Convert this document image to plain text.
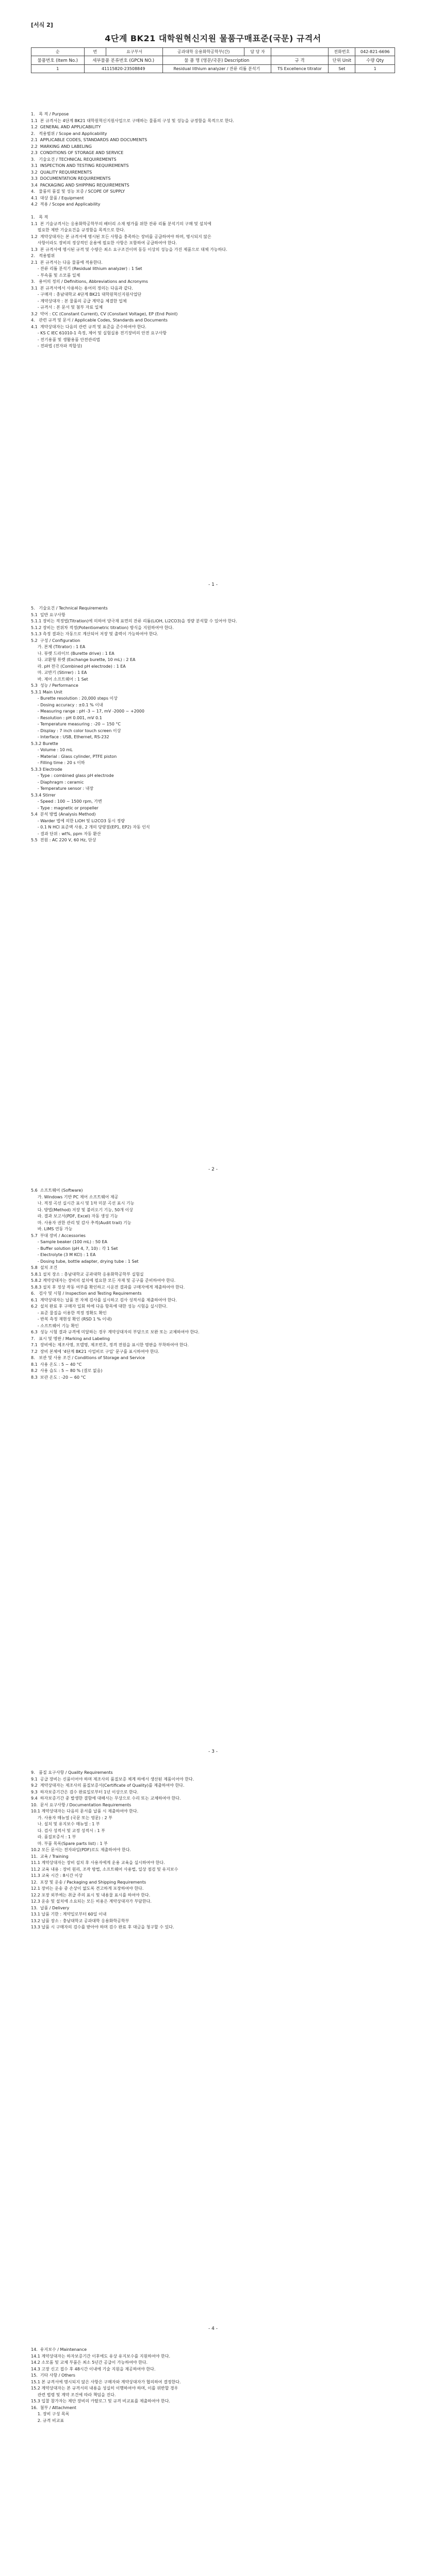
[서식 2]
4단계 BK21 대학원혁신지원 물품구매표준(국문) 규격서
순	번	요구부서	공과대학 응용화학공학부(간)	담 당 자		전화번호	042-821-6696
물품번호 (Item No.)	세부물품 분류번호 (GPCN NO.)		물 품 명 (영문/국문) Description		규 격	단위 Unit	수량 Qty
1	41115820-23508849		Residual lithium analyzer / 잔류 리튬 분석기		TS Excellence titrator	Set	1
1.   목 적 / Purpose
1.1  본 규격서는 4단계 BK21 대학원혁신지원사업으로 구매하는 물품의 구성 및 성능을 규정함을 목적으로 한다.
1.2  GENERAL AND APPLICABILITY
2.   적용범위 / Scope and Applicability
2.1  APPLICABLE CODES, STANDARDS AND DOCUMENTS
2.2  MARKING AND LABELING
2.3  CONDITIONS OF STORAGE AND SERVICE
3.   기술요건 / TECHNICAL REQUIREMENTS
3.1  INSPECTION AND TESTING REQUIREMENTS
3.2  QUALITY REQUIREMENTS
3.3  DOCUMENTATION REQUIREMENTS
3.4  PACKAGING AND SHIPPING REQUIREMENTS
4.   물품의 품질 및 성능 보증 / SCOPE OF SUPPLY
4.1  대상 물품 / Equipment
4.2  적용 / Scope and Applicability

1.   목 적
1.1  본 기술규격서는 응용화학공학부의 배터리 소재 평가를 위한 잔류 리튬 분석기의 구매 및 설치에
필요한 제반 기술요건을 규정함을 목적으로 한다.
1.2  계약상대자는 본 규격서에 명시된 모든 사항을 충족하는 장비를 공급하여야 하며, 명시되지 않은
사항이라도 장비의 정상적인 운용에 필요한 사항은 포함하여 공급하여야 한다.
1.3  본 규격서에 명시된 규격 및 수량은 최소 요구조건이며 동등 이상의 성능을 가진 제품으로 대체 가능하다.
2.   적용범위
2.1  본 규격서는 다음 물품에 적용한다.
- 잔류 리튬 분석기 (Residual lithium analyzer) : 1 Set
- 부속품 및 소모품 일체
3.   용어의 정의 / Definitions, Abbreviations and Acronyms
3.1  본 규격서에서 사용하는 용어의 정의는 다음과 같다.
- 구매자 : 충남대학교 4단계 BK21 대학원혁신지원사업단
- 계약상대자 : 본 물품의 공급 계약을 체결한 업체
- 규격서 : 본 문서 및 첨부 자료 일체
3.2  약어 : CC (Constant Current), CV (Constant Voltage), EP (End Point)
4.   관련 규격 및 문서 / Applicable Codes, Standards and Documents
4.1  계약상대자는 다음의 관련 규격 및 표준을 준수하여야 한다.
- KS C IEC 61010-1 측정, 제어 및 실험실용 전기장비의 안전 요구사항
- 전기용품 및 생활용품 안전관리법
- 전파법 (전자파 적합성)
- 1 -
5.   기술요건 / Technical Requirements
5.1  일반 요구사항
5.1.1 장비는 적정법(Titration)에 의하여 양극재 표면의 잔류 리튬(LiOH, Li2CO3)을 정량 분석할 수 있어야 한다.
5.1.2 장비는 전위차 적정(Potentiometric titration) 방식을 지원하여야 한다.
5.1.3 측정 결과는 자동으로 계산되어 저장 및 출력이 가능하여야 한다.
5.2  구성 / Configuration
가. 본체 (Titrator) : 1 EA
나. 뷰렛 드라이브 (Burette drive) : 1 EA
다. 교환형 뷰렛 (Exchange burette, 10 mL) : 2 EA
라. pH 전극 (Combined pH electrode) : 1 EA
마. 교반기 (Stirrer) : 1 EA
바. 제어 소프트웨어 : 1 Set
5.3  성능 / Performance
5.3.1 Main Unit
- Burette resolution : 20,000 steps 이상
- Dosing accuracy : ±0.1 % 이내
- Measuring range : pH -3 ~ 17, mV -2000 ~ +2000
- Resolution : pH 0.001, mV 0.1
- Temperature measuring : -20 ~ 150 °C
- Display : 7 inch color touch screen 이상
- Interface : USB, Ethernet, RS-232
5.3.2 Burette
- Volume : 10 mL
- Material : Glass cylinder, PTFE piston
- Filling time : 20 s 이하
5.3.3 Electrode
- Type : combined glass pH electrode
- Diaphragm : ceramic
- Temperature sensor : 내장
5.3.4 Stirrer
- Speed : 100 ~ 1500 rpm, 가변
- Type : magnetic or propeller
5.4  분석 방법 (Analysis Method)
- Warder 법에 의한 LiOH 및 Li2CO3 동시 정량
- 0.1 N HCl 표준액 사용, 2 개의 당량점(EP1, EP2) 자동 인식
- 결과 단위 : wt%, ppm 자동 환산
5.5  전원 : AC 220 V, 60 Hz, 단상
- 2 -
5.6  소프트웨어 (Software)
가. Windows 기반 PC 제어 소프트웨어 제공
나. 적정 곡선 실시간 표시 및 1차 미분 곡선 표시 기능
다. 방법(Method) 저장 및 불러오기 기능, 50개 이상
라. 결과 보고서(PDF, Excel) 자동 생성 기능
마. 사용자 권한 관리 및 감사 추적(Audit trail) 기능
바. LIMS 연동 가능
5.7  부대 장비 / Accessories
- Sample beaker (100 mL) : 50 EA
- Buffer solution (pH 4, 7, 10) : 각 1 Set
- Electrolyte (3 M KCl) : 1 EA
- Dosing tube, bottle adapter, drying tube : 1 Set
5.8  설치 조건
5.8.1 설치 장소 : 충남대학교 공과대학 응용화학공학부 실험실
5.8.2 계약상대자는 장비의 설치에 필요한 모든 자재 및 공구를 준비하여야 한다.
5.8.3 설치 후 정상 작동 여부를 확인하고 시운전 결과를 구매자에게 제출하여야 한다.
6.   검사 및 시험 / Inspection and Testing Requirements
6.1  계약상대자는 납품 전 자체 검사를 실시하고 검사 성적서를 제출하여야 한다.
6.2  설치 완료 후 구매자 입회 하에 다음 항목에 대한 성능 시험을 실시한다.
- 표준 물질을 이용한 적정 정확도 확인
- 반복 측정 재현성 확인 (RSD 1 % 이내)
- 소프트웨어 기능 확인
6.3  성능 시험 결과 규격에 미달하는 경우 계약상대자의 부담으로 보완 또는 교체하여야 한다.
7.   표시 및 명판 / Marking and Labeling
7.1  장비에는 제조사명, 모델명, 제조번호, 정격 전원을 표시한 명판을 부착하여야 한다.
7.2  장비 본체에 '4단계 BK21 사업비로 구입' 문구를 표시하여야 한다.
8.   보관 및 사용 조건 / Conditions of Storage and Service
8.1  사용 온도 : 5 ~ 40 °C
8.2  사용 습도 : 5 ~ 80 % (결로 없음)
8.3  보관 온도 : -20 ~ 60 °C
- 3 -
9.   품질 요구사항 / Quality Requirements
9.1  공급 장비는 신품이어야 하며 제조사의 품질보증 체계 하에서 생산된 제품이어야 한다.
9.2  계약상대자는 제조사의 품질보증서(Certificate of Quality)를 제출하여야 한다.
9.3  하자보증기간은 검수 완료일로부터 1년 이상으로 한다.
9.4  하자보증기간 중 발생한 결함에 대해서는 무상으로 수리 또는 교체하여야 한다.
10.  문서 요구사항 / Documentation Requirements
10.1 계약상대자는 다음의 문서를 납품 시 제출하여야 한다.
가. 사용자 매뉴얼 (국문 또는 영문) : 2 부
나. 설치 및 유지보수 매뉴얼 : 1 부
다. 검사 성적서 및 교정 성적서 : 1 부
라. 품질보증서 : 1 부
마. 부품 목록(Spare parts list) : 1 부
10.2 모든 문서는 전자파일(PDF)로도 제출하여야 한다.
11.  교육 / Training
11.1 계약상대자는 장비 설치 후 사용자에게 운용 교육을 실시하여야 한다.
11.2 교육 내용 : 장비 원리, 조작 방법, 소프트웨어 사용법, 일상 점검 및 유지보수
11.3 교육 시간 : 8시간 이상
12.  포장 및 운송 / Packaging and Shipping Requirements
12.1 장비는 운송 중 손상이 없도록 견고하게 포장하여야 한다.
12.2 포장 외부에는 취급 주의 표시 및 내용물 표시를 하여야 한다.
12.3 운송 및 설치에 소요되는 모든 비용은 계약상대자가 부담한다.
13.  납품 / Delivery
13.1 납품 기한 : 계약일로부터 60일 이내
13.2 납품 장소 : 충남대학교 공과대학 응용화학공학부
13.3 납품 시 구매자의 검수를 받아야 하며 검수 완료 후 대금을 청구할 수 있다.
- 4 -
14.  유지보수 / Maintenance
14.1 계약상대자는 하자보증기간 이후에도 유상 유지보수를 지원하여야 한다.
14.2 소모품 및 교체 부품은 최소 5년간 공급이 가능하여야 한다.
14.3 고장 신고 접수 후 48시간 이내에 기술 지원을 제공하여야 한다.
15.  기타 사항 / Others
15.1 본 규격서에 명시되지 않은 사항은 구매자와 계약상대자가 협의하여 결정한다.
15.2 계약상대자는 본 규격서의 내용을 성실히 이행하여야 하며, 이를 위반할 경우
관련 법령 및 계약 조건에 따라 책임을 진다.
15.3 입찰 참가자는 제안 장비의 카탈로그 및 규격 비교표를 제출하여야 한다.
16.  첨부 / Attachment
1. 장비 구성 목록
2. 규격 비교표
